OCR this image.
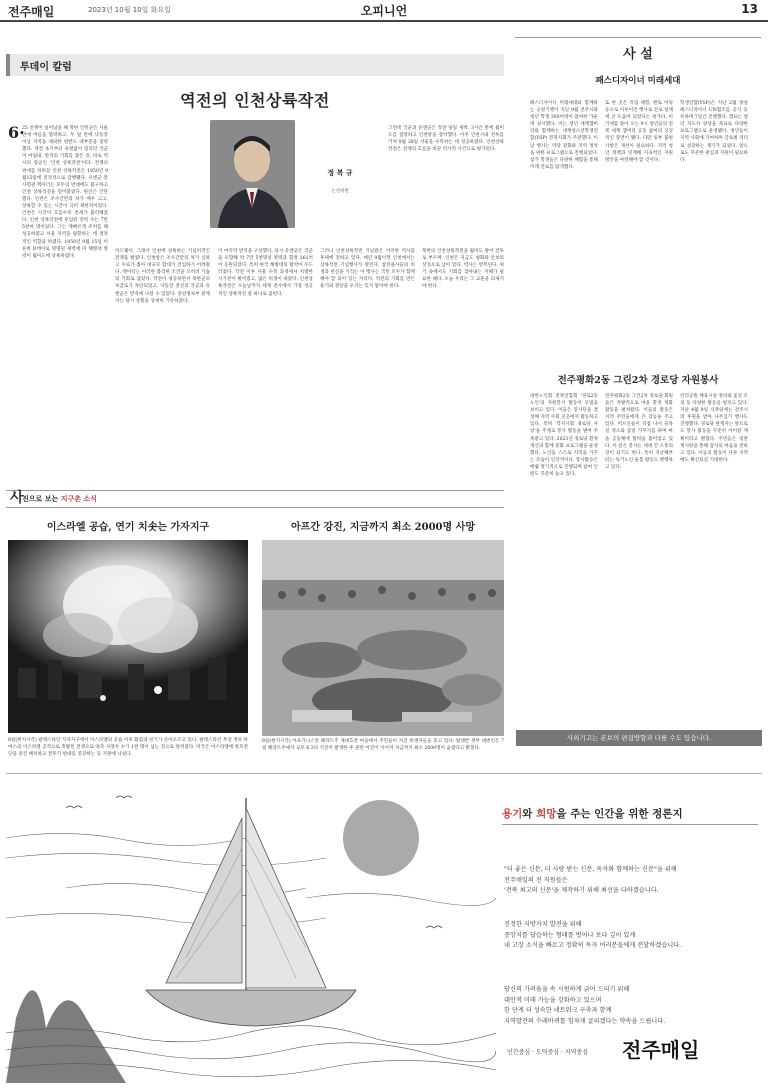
전주매일	2023년 10월 10일 화요일	오피니언	13
투데이 칼럼
역전의 인천상륙작전
6·
25 전쟁이 일어났을 때 북한 인민군은 서울 만에 여름을 함락하고, 두 달 만에 낙동강 이남 지역을 제외한 한반도 대부분을 점령했다. 개전 초기부터 속절없이 밀리던 국군이 마침내, 반격의 기회를 잡은 것, 바로 역사의 장군인 '인천 상륙작전'이다. 전쟁의 판세를 뒤바꾼 인천 상륙작전은 1950년 9월15일에 전격적으로 감행됐다. 유엔군 총사령관 맥아더는 모두의 반대에도 불구하고 인천 상륙작전을 밀어붙였다. 원인은 간단했다. 인천은 조수간만의 차가 매우 크고, 상륙할 수 있는 시간이 극히 제한적이었다. 인천은 시간이 흐를수록 전세가 불리해졌다. 인천 상륙작전에 투입된 전력 수는 7만 5천여 명이었다. 그는 재빠르게 조치를 해 성공하였고 서울 지역을 탈환하는 데 결정적인 역할을 하였다. 1950년 9월 15일 이른바 D데이로 명명된 새벽에 미 해병대 병력이 월미도에 상륙하였다.
그런데 국군과 유엔군은 작전 당일 새벽, 3시간 만에 월미도를 점령하고 인천항을 장악했다. 이후 인천시내 전투를 거쳐 9월 28일 서울을 수복하는 데 성공하였다. 인천상륙작전은 전쟁의 흐름을 바꾼 역사적 사건으로 평가된다.
정 복 규
논설위원
미드웨이, 그래서 인천에 상륙하는 기념비적인 전쟁을 벌였다. 인천항은 조수간만의 차가 심하고 수로가 좁아 대규모 함대가 진입하기 어려웠다. 맥아더는 이러한 불리한 조건을 오히려 기습의 기회로 삼았다. 작전이 성공하면서 북한군의 보급로가 차단되었고, 낙동강 전선의 국군과 유엔군은 반격에 나설 수 있었다. 중앙정보부 관계자는 당시 상황을 상세히 기록하였다.
이 마지막 반격을 구상했다. 당시 유엔군은 국군을 포함해 약 7만 5천명의 병력과 함정 261척이 동원되었다. 특히 한국 해병대의 활약이 두드러졌다. 작전 이후 서울 수복 과정에서 치열한 시가전이 벌어졌고, 많은 희생이 따랐다. 인천상륙작전은 오늘날까지 세계 전사에서 가장 성공적인 상륙작전 중 하나로 꼽힌다.
그러나 인천상륙작전 기념관은 이러한 역사를 후세에 전하고 있다. 매년 9월이면 인천에서는 상륙작전 기념행사가 열린다. 참전용사들의 희생과 헌신을 기리는 이 행사는 국민 모두가 함께해야 할 의미 있는 자리다. 역전의 기회를 만든 용기와 결단을 우리는 잊지 말아야 한다.
북한의 인천상륙작전을 월미도 방어 전투로 부르며, 인천은 지금도 평화와 안보의 상징으로 남아 있다. 역사는 반복된다. 위기 속에서도 기회를 찾아내는 지혜가 필요한 때다. 오늘 우리는 그 교훈을 되새겨야 한다.
사
진으로 보는 지구촌 소식
이스라엘 공습, 연기 치솟는 가자지구	아프간 강진, 지금까지 최소 2000명 사망
8일(현지시각) 팔레스타인 가자지구에서 이스라엘의 공습 이후 화염과 연기가 솟아오르고 있다. 팔레스타인 무장 정파 하마스의 이스라엘 공격으로 촉발된 전쟁으로 양측 사망자 수가 1천 명이 넘는 것으로 알려졌다. 미국은 이스라엘에 항모전단을 전진 배치하고 전투기 편대를 증강하는 등 지원에 나섰다.
8일(현지시각) 아프가니스탄 헤라트주 제대흐잔 마을에서 주민들이 지진 희생자들을 묻고 있다. 탈레반 정부 대변인은 7일 헤라트주에서 규모 6.3의 지진이 발생한 후 관련 이진이 이어져 지금까지 최소 2000명이 숨졌다고 밝혔다.
사 설
패스디자이너 미래세대
패스디자이너 미래세대와 함께하는 응원기행이 지난 9월 전주시와 청년 학생 300여명이 참여한 가운데 성시했다. 이는 청년 세계잼버리와 함께하는 세계청소년학생연합(YSP) 전북지회가 주관했다. 이날 행사는 역량 강화와 지역 정착을 위한 프로그램으로 진행되었다. 참가 학생들은 다양한 체험을 통해 미래 진로를 탐색했다.
또 한 곳은 직업 체험, 멘토 미팅 등으로 이루어진 행사로 진로 설계에 큰 도움이 되었다는 평가다. 이 기세를 몰아 오는 9시 청년들의 전북 세계 잼버리 공동 참여의 상징적인 장면이 됐다. 다만 일부 불편 사항은 개선이 필요하다. 지역 청년 정책과 연계해 지속적인 지원 방안을 마련해야 할 것이다.
학생연합(YSP)은 지난 2월 창설 패스디자이너 UN협조를 공식 등록하며 7일간 진행했다. 캠프는 청년 지도자 양성을 목표로 다양한 프로그램으로 운영됐다. 청년들이 지역 사회에 기여하며 글로벌 리더로 성장하는 계기가 되었다. 앞으로도 꾸준한 관심과 지원이 필요하다.
전주평화2동 그린2차 경로당 자원봉사
대한노인회 전북연합회 '경로2동노인'의 자원봉사 활동이 모범을 보이고 있다. 이들은 봉사단을 결성해 지역 사회 곳곳에서 활동하고 있다. 특히 '복지사회 경로당 사랑'을 주제로 봉사 활동을 벌여 주목받고 있다. 2023년 경로당 환경 개선과 함께 문화 프로그램을 운영했다. 노인들 스스로 지역을 가꾸는 모습이 인상적이다. 봉사활동은 매월 정기적으로 진행되며 참여 인원도 꾸준히 늘고 있다.
전주평화2동 그린2차 경로당 회원들은 자발적으로 마을 환경 정화 활동을 펼쳐왔다. 이들의 활동은 지역 주민들에게 큰 감동을 주고 있다. 어르신들이 직접 나서 골목길 청소와 꽃길 가꾸기를 하며 마을 공동체에 활력을 불어넣고 있다. 이 같은 봉사는 세대 간 소통의 장이 되기도 한다. 특히 지난해부터는 독거노인 돌봄 활동도 병행하고 있다.
런리공원 체육시설 정비와 꽃길 조성 등 다양한 활동을 펼치고 있다. 지난 4월 9일 식목일에는 전주시의 후원을 받아 나무심기 행사도 진행했다. 경로당 관계자는 앞으로도 봉사 활동을 꾸준히 이어갈 계획이라고 밝혔다. 주민들은 칭찬 게시판을 통해 감사의 마음을 전하고 있다. 이들의 활동이 다른 지역에도 확산되길 기대한다.
사외기고는 본보의 편집방향과 다를 수도 있습니다.
용기와 희망을 주는 인간을 위한 정론지
"더 좋은 신문, 더 사랑 받는 신문, 독자와 함께하는 신문"을 위해
전주매일의 전 직원들은
'전북 최고의 신문'을 제작하기 위해 최선을 다하겠습니다.
진정한 지방자치 발전을 위해
중앙지를 답습하는 형태를 벗어나 보다 깊이 있게
내 고장 소식을 빠르고 정확히 독자 여러분들에게 전달하겠습니다.
당신의 가려움을 속 시원하게 긁어 드리기 위해
대안적 미래 가능을 강화하고 있으며
한 단계 더 성숙한 네트워크 구축과 함께
지역발전의 수레바퀴를 힘차게 굴리겠다는 약속을 드립니다.
인간중심 · 도덕중심 · 지역중심 전주매일
